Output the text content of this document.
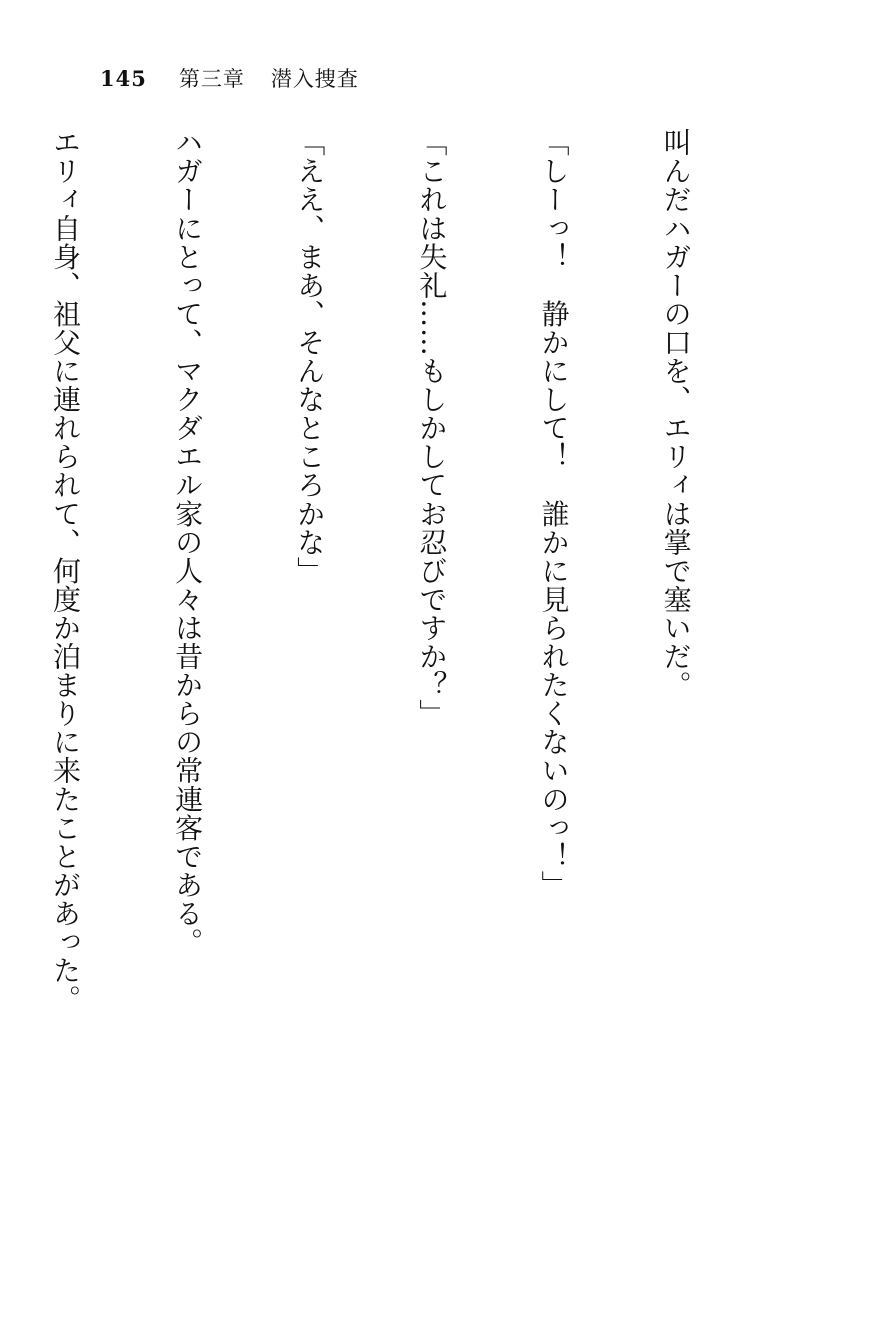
145 第三章 潜入捜査

叫んだハガーの口を、エリィは掌で塞いだ。

「しーっ！　静かにして！　誰かに見られたくないのっ！」

「これは失礼……もしかしてお忍びですか？」

「ええ、まあ、そんなところかな」

ハガーにとって、マクダエル家の人々は昔からの常連客である。

エリィ自身、祖父に連れられて、何度か泊まりに来たことがあった。
